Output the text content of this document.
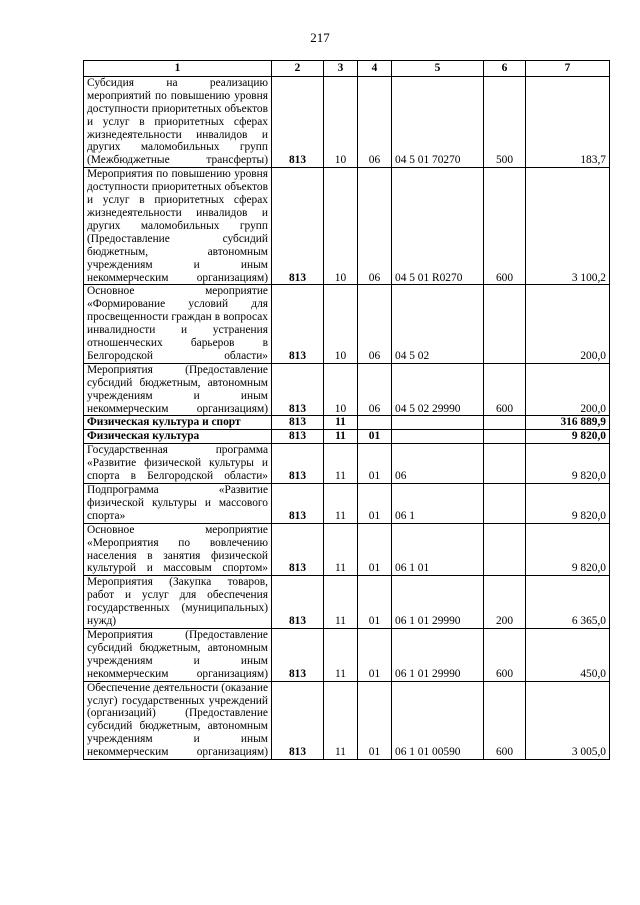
217
1	2	3	4	5	6	7

Субсидия на реализацию мероприятий по повышению уровня доступности приоритетных объектов и услуг в приоритетных сферах жизнедеятельности инвалидов и других маломобильных групп (Межбюджетные трансферты)	813	10	06	04 5 01 70270	500	183,7

Мероприятия по повышению уровня доступности приоритетных объектов и услуг в приоритетных сферах жизнедеятельности инвалидов и других маломобильных групп (Предоставление субсидий бюджетным, автономным учреждениям и иным некоммерческим организациям)	813	10	06	04 5 01 R0270	600	3 100,2

Основное мероприятие «Формирование условий для просвещенности граждан в вопросах инвалидности и устранения отношенческих барьеров в Белгородской области»	813	10	06	04 5 02		200,0

Мероприятия (Предоставление субсидий бюджетным, автономным учреждениям и иным некоммерческим организациям)	813	10	06	04 5 02 29990	600	200,0

Физическая культура и спорт	813	11				316 889,9

Физическая культура	813	11	01			9 820,0

Государственная программа «Развитие физической культуры и спорта в Белгородской области»	813	11	01	06		9 820,0

Подпрограмма «Развитие физической культуры и массового спорта»	813	11	01	06 1		9 820,0

Основное мероприятие «Мероприятия по вовлечению населения в занятия физической культурой и массовым спортом»	813	11	01	06 1 01		9 820,0

Мероприятия (Закупка товаров, работ и услуг для обеспечения государственных (муниципальных) нужд)	813	11	01	06 1 01 29990	200	6 365,0

Мероприятия (Предоставление субсидий бюджетным, автономным учреждениям и иным некоммерческим организациям)	813	11	01	06 1 01 29990	600	450,0

Обеспечение деятельности (оказание услуг) государственных учреждений (организаций) (Предоставление субсидий бюджетным, автономным учреждениям и иным некоммерческим организациям)	813	11	01	06 1 01 00590	600	3 005,0
